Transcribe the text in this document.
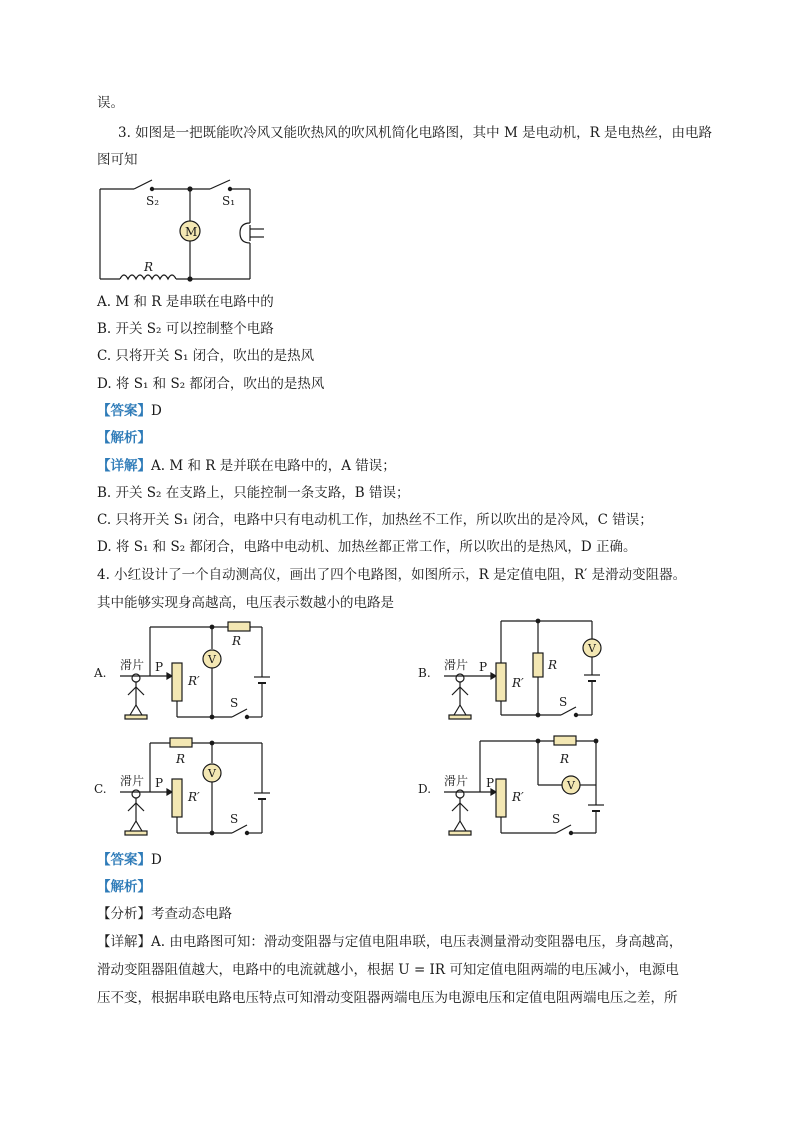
误。
3. 如图是一把既能吹冷风又能吹热风的吹风机简化电路图，其中 M 是电动机，R 是电热丝，由电路
图可知
S₂	S₁
M
R
A. M 和 R 是串联在电路中的
B. 开关 S₂ 可以控制整个电路
C. 只将开关 S₁ 闭合，吹出的是热风
D. 将 S₁ 和 S₂ 都闭合，吹出的是热风
【答案】D
【解析】
【详解】A. M 和 R 是并联在电路中的，A 错误；
B. 开关 S₂ 在支路上，只能控制一条支路，B 错误；
C. 只将开关 S₁ 闭合，电路中只有电动机工作，加热丝不工作，所以吹出的是冷风，C 错误；
D. 将 S₁ 和 S₂ 都闭合，电路中电动机、加热丝都正常工作，所以吹出的是热风，D 正确。
4. 小红设计了一个自动测高仪，画出了四个电路图，如图所示，R 是定值电阻，R′ 是滑动变阻器。
其中能够实现身高越高，电压表示数越小的电路是
A.
滑片 P
R′
V
R
S
B.
滑片 P
R′
R
V
S
C.
滑片 P
R′
R
V
S
D.
滑片 P
R′
V
R
S
【答案】D
【解析】
【分析】考查动态电路
【详解】A. 由电路图可知：滑动变阻器与定值电阻串联，电压表测量滑动变阻器电压，身高越高，
滑动变阻器阻值越大，电路中的电流就越小，根据 U = IR 可知定值电阻两端的电压减小，电源电
压不变，根据串联电路电压特点可知滑动变阻器两端电压为电源电压和定值电阻两端电压之差，所
